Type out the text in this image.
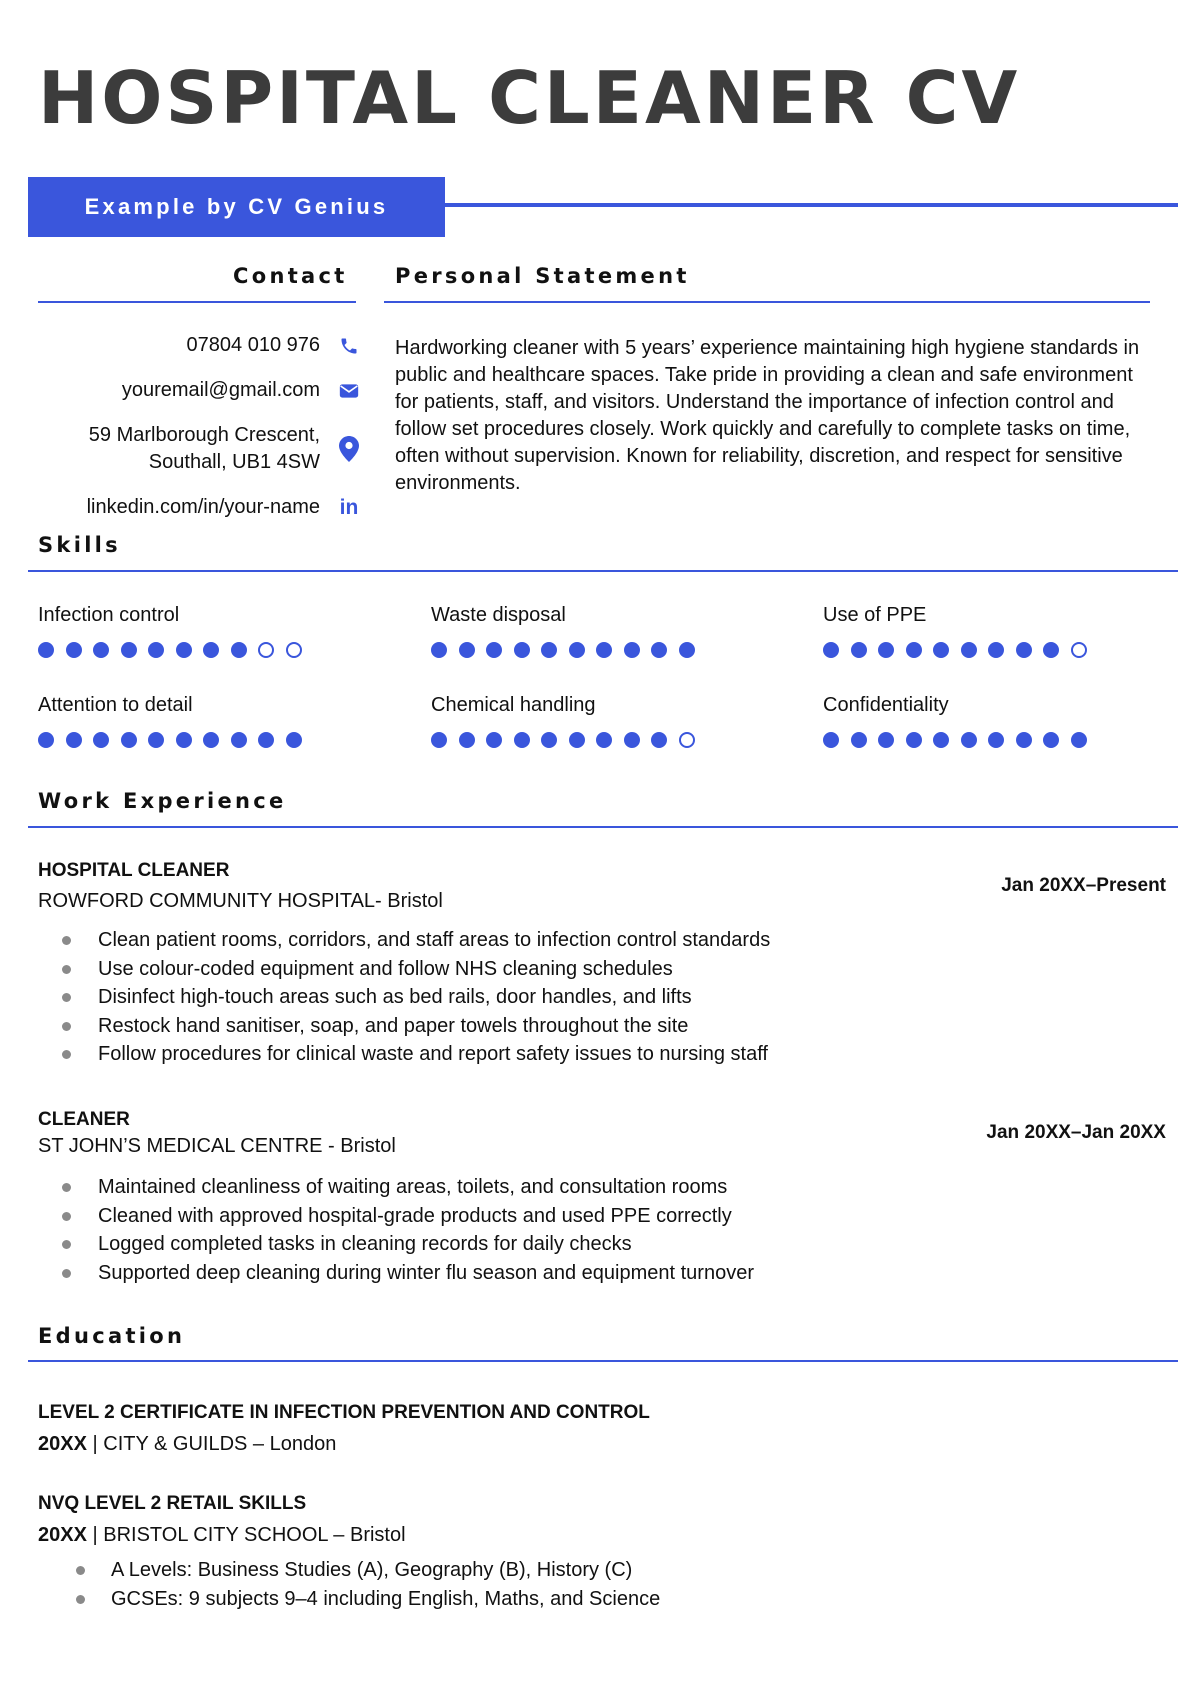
HOSPITAL CLEANER CV
Example by CV Genius
Contact
07804 010 976
youremail@gmail.com
59 Marlborough Crescent,
Southall, UB1 4SW
linkedin.com/in/your-name in
Personal Statement
Hardworking cleaner with 5 years’ experience maintaining high hygiene standards in public and healthcare spaces. Take pride in providing a clean and safe environment for patients, staff, and visitors. Understand the importance of infection control and follow set procedures closely. Work quickly and carefully to complete tasks on time, often without supervision. Known for reliability, discretion, and respect for sensitive environments.
Skills
Infection control	Waste disposal	Use of PPE
Attention to detail	Chemical handling	Confidentiality
Work Experience
HOSPITAL CLEANER
ROWFORD COMMUNITY HOSPITAL- Bristol
Jan 20XX–Present
Clean patient rooms, corridors, and staff areas to infection control standards
Use colour-coded equipment and follow NHS cleaning schedules
Disinfect high-touch areas such as bed rails, door handles, and lifts
Restock hand sanitiser, soap, and paper towels throughout the site
Follow procedures for clinical waste and report safety issues to nursing staff
CLEANER
ST JOHN’S MEDICAL CENTRE - Bristol
Jan 20XX–Jan 20XX
Maintained cleanliness of waiting areas, toilets, and consultation rooms
Cleaned with approved hospital-grade products and used PPE correctly
Logged completed tasks in cleaning records for daily checks
Supported deep cleaning during winter flu season and equipment turnover
Education
LEVEL 2 CERTIFICATE IN INFECTION PREVENTION AND CONTROL
20XX | CITY & GUILDS – London
NVQ LEVEL 2 RETAIL SKILLS
20XX | BRISTOL CITY SCHOOL – Bristol
A Levels: Business Studies (A), Geography (B), History (C)
GCSEs: 9 subjects 9–4 including English, Maths, and Science
